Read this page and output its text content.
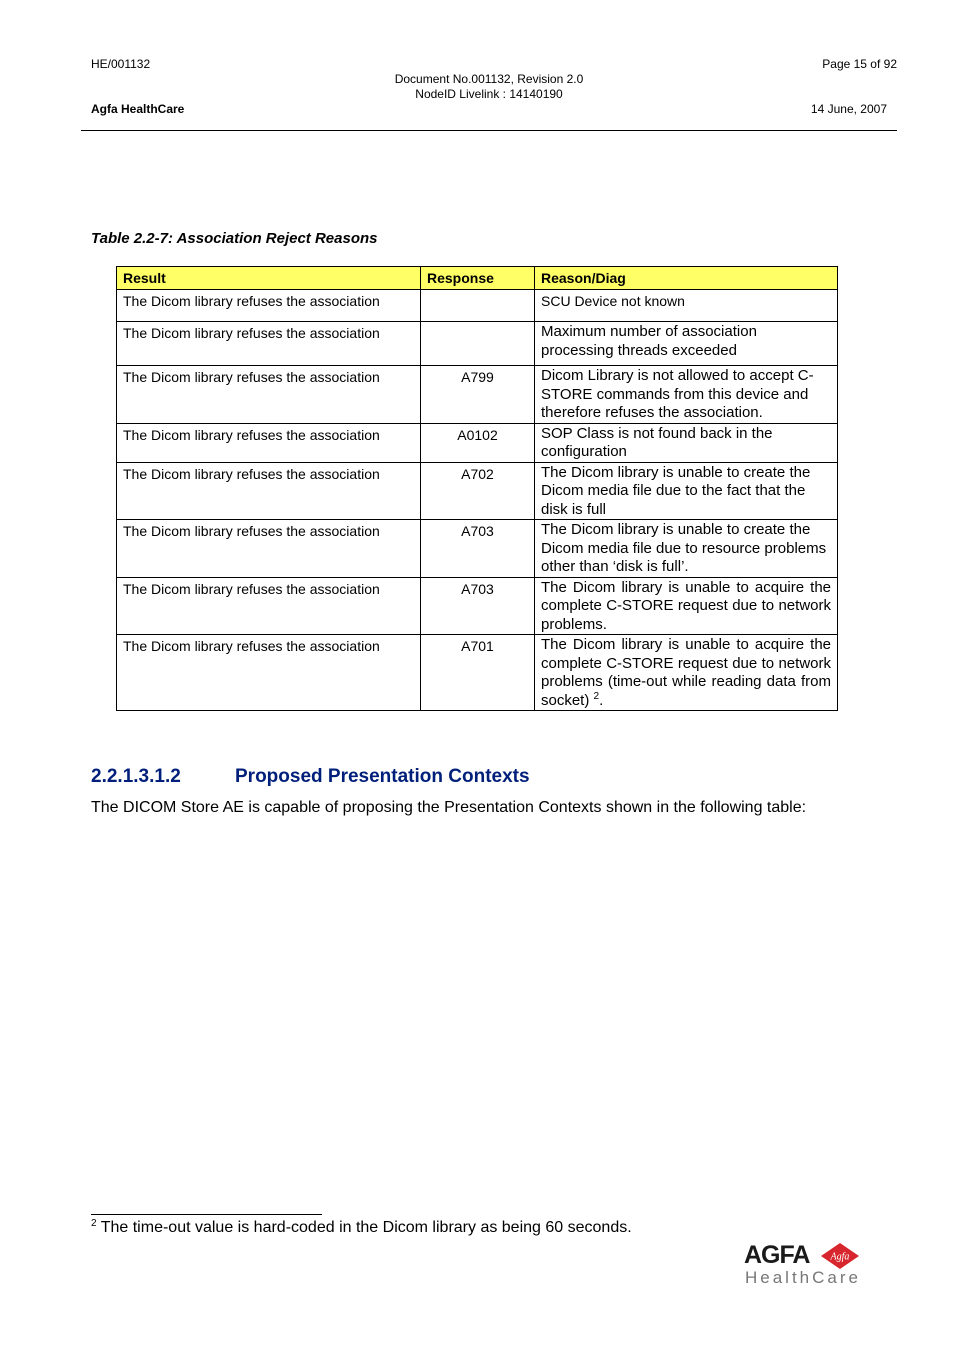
HE/001132	Page 15 of 92
Document No.001132, Revision 2.0
NodeID Livelink : 14140190
Agfa HealthCare	14 June, 2007
Table 2.2-7: Association Reject Reasons
Result	Response	Reason/Diag
The Dicom library refuses the association		SCU Device not known
The Dicom library refuses the association		Maximum number of association processing threads exceeded
The Dicom library refuses the association	A799	Dicom Library is not allowed to accept C-STORE commands from this device and therefore refuses the association.
The Dicom library refuses the association	A0102	SOP Class is not found back in the configuration
The Dicom library refuses the association	A702	The Dicom library is unable to create the Dicom media file due to the fact that the disk is full
The Dicom library refuses the association	A703	The Dicom library is unable to create the Dicom media file due to resource problems other than ‘disk is full’.
The Dicom library refuses the association	A703	The Dicom library is unable to acquire the complete C-STORE request due to network problems.
The Dicom library refuses the association	A701	The Dicom library is unable to acquire the complete C-STORE request due to network problems (time-out while reading data from socket) $^2$.
2.2.1.3.1.2	Proposed Presentation Contexts
The DICOM Store AE is capable of proposing the Presentation Contexts shown in the following table:
$^2$ The time-out value is hard-coded in the Dicom library as being 60 seconds.
AGFA Agfa
HealthCare
